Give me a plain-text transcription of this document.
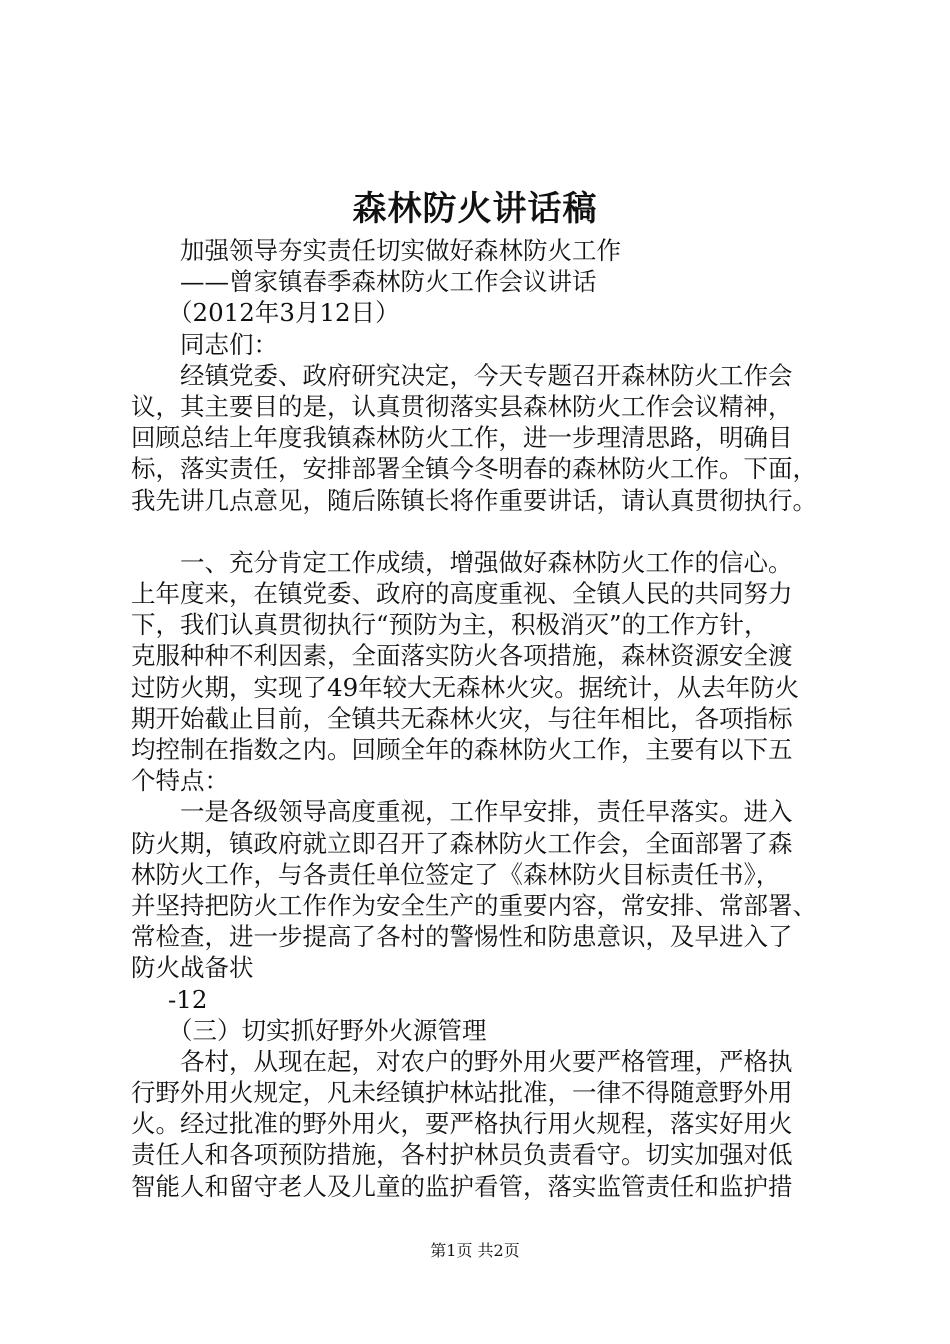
森林防火讲话稿
加强领导夯实责任切实做好森林防火工作
——曾家镇春季森林防火工作会议讲话
（2012年3月12日）
同志们：
经镇党委、政府研究决定，今天专题召开森林防火工作会
议，其主要目的是，认真贯彻落实县森林防火工作会议精神，
回顾总结上年度我镇森林防火工作，进一步理清思路，明确目
标，落实责任，安排部署全镇今冬明春的森林防火工作。下面，
我先讲几点意见，随后陈镇长将作重要讲话，请认真贯彻执行。
一、充分肯定工作成绩，增强做好森林防火工作的信心。
上年度来，在镇党委、政府的高度重视、全镇人民的共同努力
下，我们认真贯彻执行“预防为主，积极消灭”的工作方针，
克服种种不利因素，全面落实防火各项措施，森林资源安全渡
过防火期，实现了49年较大无森林火灾。据统计，从去年防火
期开始截止目前，全镇共无森林火灾，与往年相比，各项指标
均控制在指数之内。回顾全年的森林防火工作，主要有以下五
个特点：
一是各级领导高度重视，工作早安排，责任早落实。进入
防火期，镇政府就立即召开了森林防火工作会，全面部署了森
林防火工作，与各责任单位签定了《森林防火目标责任书》，
并坚持把防火工作作为安全生产的重要内容，常安排、常部署、
常检查，进一步提高了各村的警惕性和防患意识，及早进入了
防火战备状
-12
（三）切实抓好野外火源管理
各村，从现在起，对农户的野外用火要严格管理，严格执
行野外用火规定，凡未经镇护林站批准，一律不得随意野外用
火。经过批准的野外用火，要严格执行用火规程，落实好用火
责任人和各项预防措施，各村护林员负责看守。切实加强对低
智能人和留守老人及儿童的监护看管，落实监管责任和监护措
第1页 共2页
